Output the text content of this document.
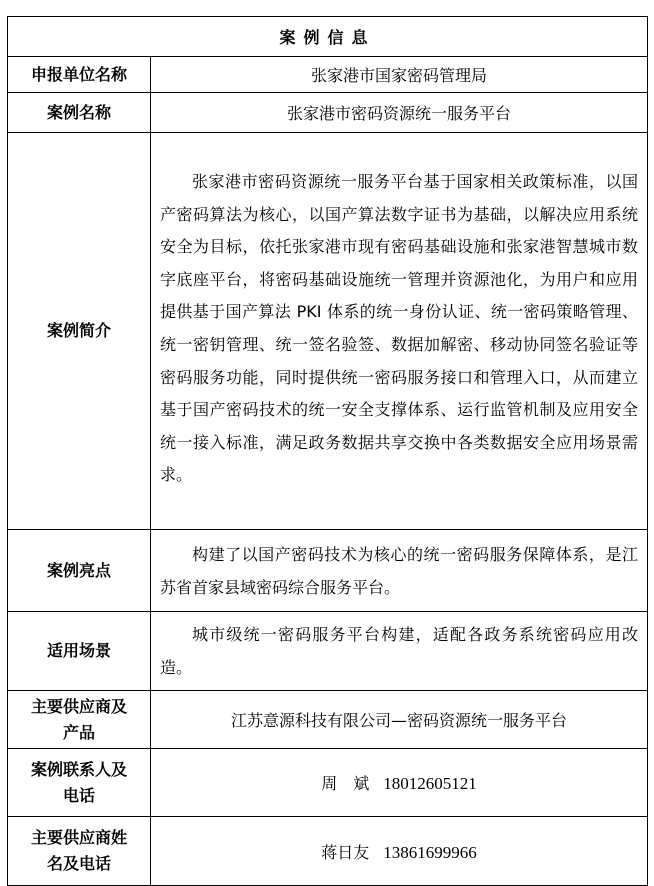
案例信息	
申报单位名称	张家港市国家密码管理局
案例名称	张家港市密码资源统一服务平台
案例简介	张家港市密码资源统一服务平台基于国家相关政策标准，以国产密码算法为核心，以国产算法数字证书为基础，以解决应用系统安全为目标，依托张家港市现有密码基础设施和张家港智慧城市数字底座平台，将密码基础设施统一管理并资源池化，为用户和应用提供基于国产算法 PKI 体系的统一身份认证、统一密码策略管理、统一密钥管理、统一签名验签、数据加解密、移动协同签名验证等密码服务功能，同时提供统一密码服务接口和管理入口，从而建立基于国产密码技术的统一安全支撑体系、运行监管机制及应用安全统一接入标准，满足政务数据共享交换中各类数据安全应用场景需求。
案例亮点	构建了以国产密码技术为核心的统一密码服务保障体系，是江苏省首家县域密码综合服务平台。
适用场景	城市级统一密码服务平台构建，适配各政务系统密码应用改造。
主要供应商及
产品	江苏意源科技有限公司—密码资源统一服务平台
案例联系人及
电话	周　斌 18012605121
主要供应商姓
名及电话	蒋日友 13861699966
